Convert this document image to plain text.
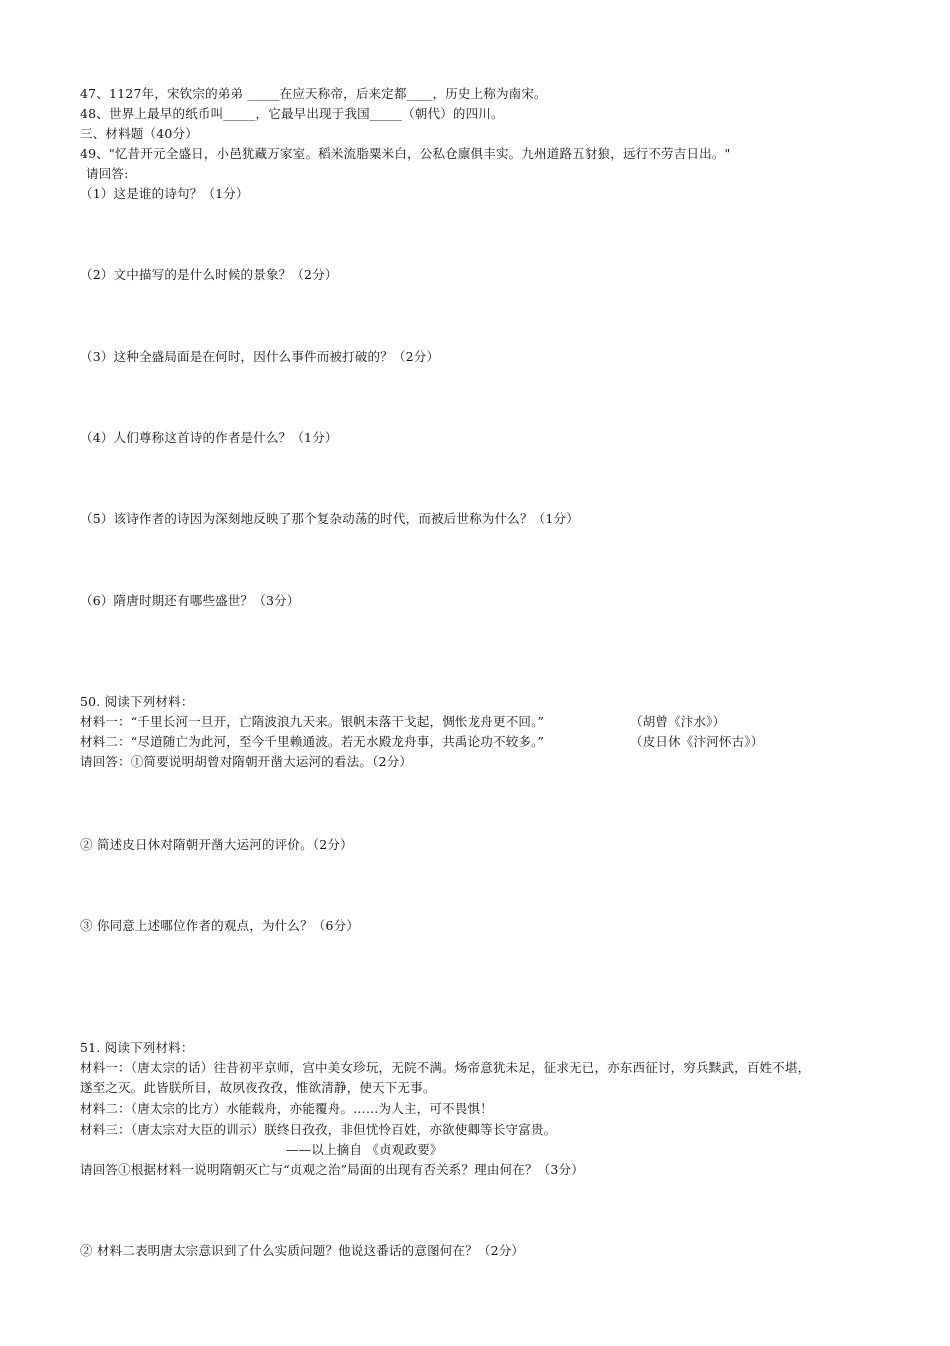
47、1127年，宋钦宗的弟弟 _____在应天称帝，后来定都____，历史上称为南宋。
48、世界上最早的纸币叫_____，它最早出现于我国_____（朝代）的四川。
三、材料题（40分）
49、"忆昔开元全盛日，小邑犹藏万家室。稻米流脂粟米白，公私仓廪俱丰实。九州道路五豺狼，远行不劳吉日出。"
请回答:
（1）这是谁的诗句？（1分）
（2）文中描写的是什么时候的景象？（2分）
（3）这种全盛局面是在何时，因什么事件而被打破的？（2分）
（4）人们尊称这首诗的作者是什么？（1分）
（5）该诗作者的诗因为深刻地反映了那个复杂动荡的时代，而被后世称为什么？（1分）
（6）隋唐时期还有哪些盛世？（3分）
50. 阅读下列材料：
材料一：“千里长河一旦开，亡隋波浪九天来。银帆未落干戈起，惆怅龙舟更不回。”	（胡曾《汴水》）
材料二：“尽道随亡为此河，至今千里赖通波。若无水殿龙舟事，共禹论功不较多。”	（皮日休《汴河怀古》）
请回答：①简要说明胡曾对隋朝开凿大运河的看法。（2分）
② 简述皮日休对隋朝开凿大运河的评价。（2分）
③ 你同意上述哪位作者的观点，为什么？（6分）
51. 阅读下列材料：
材料一：（唐太宗的话）往昔初平京师，宫中美女珍玩，无院不满。炀帝意犹未足，征求无已，亦东西征讨，穷兵黩武，百姓不堪，
遂至之灭。此皆朕所目，故夙夜孜孜，惟欲清静，使天下无事。
材料二：（唐太宗的比方）水能载舟，亦能覆舟。……为人主，可不畏惧！
材料三：（唐太宗对大臣的训示）朕终日孜孜，非但忧怜百姓，亦欲使卿等长守富贵。
——以上摘自 《贞观政要》
请回答①根据材料一说明隋朝灭亡与“贞观之治”局面的出现有否关系？理由何在？（3分）
② 材料二表明唐太宗意识到了什么实质问题？他说这番话的意图何在？（2分）
